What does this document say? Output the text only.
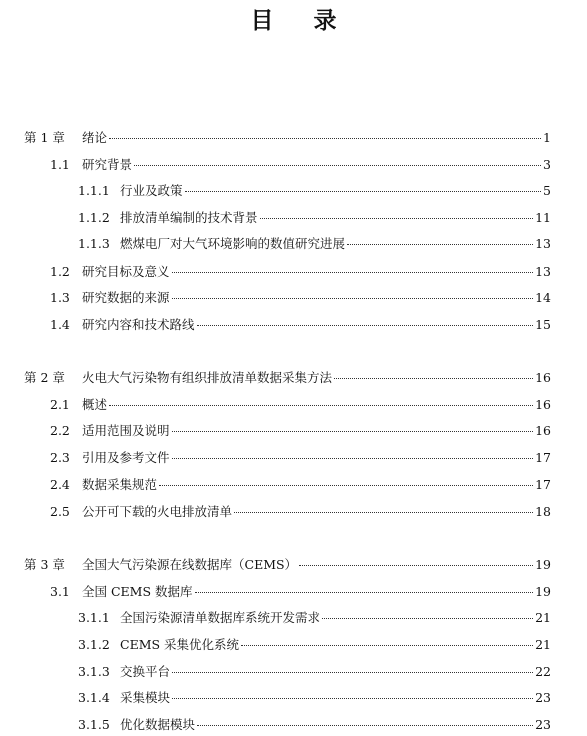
目 录
第 1 章	绪论	1
1.1 研究背景	3
1.1.1 行业及政策	5
1.1.2 排放清单编制的技术背景	11
1.1.3 燃煤电厂对大气环境影响的数值研究进展	13
1.2 研究目标及意义	13
1.3 研究数据的来源	14
1.4 研究内容和技术路线	15
第 2 章	火电大气污染物有组织排放清单数据采集方法	16
2.1 概述	16
2.2 适用范围及说明	16
2.3 引用及参考文件	17
2.4 数据采集规范	17
2.5 公开可下载的火电排放清单	18
第 3 章	全国大气污染源在线数据库（CEMS）	19
3.1 全国 CEMS 数据库	19
3.1.1 全国污染源清单数据库系统开发需求	21
3.1.2 CEMS 采集优化系统	21
3.1.3 交换平台	22
3.1.4 采集模块	23
3.1.5 优化数据模块	23
